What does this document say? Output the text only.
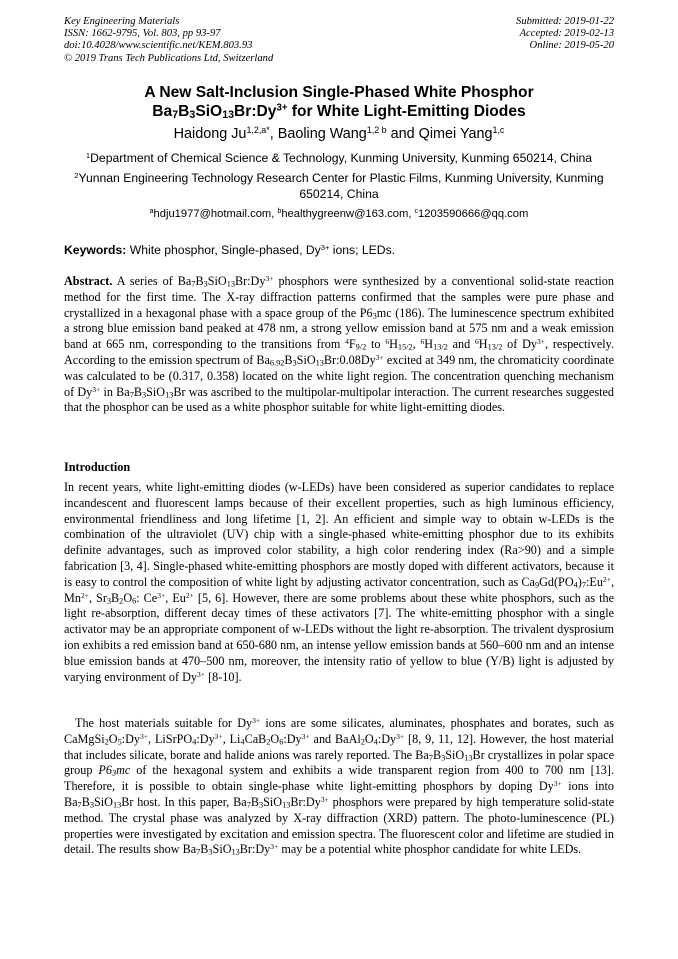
Key Engineering Materials
ISSN: 1662-9795, Vol. 803, pp 93-97
doi:10.4028/www.scientific.net/KEM.803.93
© 2019 Trans Tech Publications Ltd, Switzerland
Submitted: 2019-01-22
Accepted: 2019-02-13
Online: 2019-05-20
A New Salt-Inclusion Single-Phased White Phosphor
$Ba_7B_3SiO_{13}Br:Dy^{3+}$ for White Light-Emitting Diodes
Haidong $Ju^{1,2,a*}$, Baoling Wang$^{1,2 b}$ and Qimei Yang$^{1,c}$
$^1$Department of Chemical Science & Technology, Kunming University, Kunming 650214, China
$^2$Yunnan Engineering Technology Research Center for Plastic Films, Kunming University, Kunming
650214, China
$^a$hdju1977@hotmail.com, $^b$healthygreenw@163.com, $^c$1203590666@qq.com
Keywords: White phosphor, Single-phased, $Dy^{3+}$ ions; LEDs.
Abstract. A series of $Ba_7B_3SiO_{13}Br:Dy^{3+}$ phosphors were synthesized by a conventional solid-state reaction method for the first time. The X-ray diffraction patterns confirmed that the samples were pure phase and crystallized in a hexagonal phase with a space group of the $P6_3mc$ (186). The luminescence spectrum exhibited a strong blue emission band peaked at 478 nm, a strong yellow emission band at 575 nm and a weak emission band at 665 nm, corresponding to the transitions from $^4F_{9/2}$ to $^6H_{15/2}$, $^6H_{13/2}$ and $^6H_{13/2}$ of $Dy^{3+}$, respectively. According to the emission spectrum of $Ba_{6.92}B_3SiO_{13}Br:0.08Dy^{3+}$ excited at 349 nm, the chromaticity coordinate was calculated to be (0.317, 0.358) located on the white light region. The concentration quenching mechanism of $Dy^{3+}$ in $Ba_7B_3SiO_{13}Br$ was ascribed to the multipolar-multipolar interaction. The current researches suggested that the phosphor can be used as a white phosphor suitable for white light-emitting diodes.
Introduction
In recent years, white light-emitting diodes (w-LEDs) have been considered as superior candidates to replace incandescent and fluorescent lamps because of their excellent properties, such as high luminous efficiency, environmental friendliness and long lifetime [1, 2]. An efficient and simple way to obtain w-LEDs is the combination of the ultraviolet (UV) chip with a single-phased white-emitting phosphor due to its exhibits definite advantages, such as improved color stability, a high color rendering index (Ra>90) and a simple fabrication [3, 4]. Single-phased white-emitting phosphors are mostly doped with different activators, because it is easy to control the composition of white light by adjusting activator concentration, such as $Ca_9Gd(PO_4)_7:Eu^{2+}$, $Mn^{2+}$, $Sr_3B_2O_6$: $Ce^{3+}$, $Eu^{2+}$ [5, 6]. However, there are some problems about these white phosphors, such as the light re-absorption, different decay times of these activators [7]. The white-emitting phosphor with a single activator may be an appropriate component of w-LEDs without the light re-absorption. The trivalent dysprosium ion exhibits a red emission band at 650-680 nm, an intense yellow emission bands at 560–600 nm and an intense blue emission bands at 470–500 nm, moreover, the intensity ratio of yellow to blue (Y/B) light is adjusted by varying environment of $Dy^{3+}$ [8-10].
The host materials suitable for $Dy^{3+}$ ions are some silicates, aluminates, phosphates and borates, such as $CaMgSi_2O_5:Dy^{3+}$, $LiSrPO_4:Dy^{3+}$, $Li_4CaB_2O_6:Dy^{3+}$ and $BaAl_2O_4:Dy^{3+}$ [8, 9, 11, 12]. However, the host material that includes silicate, borate and halide anions was rarely reported. The $Ba_7B_3SiO_{13}Br$ crystallizes in polar space group $P6_3mc$ of the hexagonal system and exhibits a wide transparent region from 400 to 700 nm [13]. Therefore, it is possible to obtain single-phase white light-emitting phosphors by doping $Dy^{3+}$ ions into $Ba_7B_3SiO_{13}Br$ host. In this paper, $Ba_7B_3SiO_{13}Br:Dy^{3+}$ phosphors were prepared by high temperature solid-state method. The crystal phase was analyzed by X-ray diffraction (XRD) pattern. The photo-luminescence (PL) properties were investigated by excitation and emission spectra. The fluorescent color and lifetime are studied in detail. The results show $Ba_7B_3SiO_{13}Br:Dy^{3+}$ may be a potential white phosphor candidate for white LEDs.
